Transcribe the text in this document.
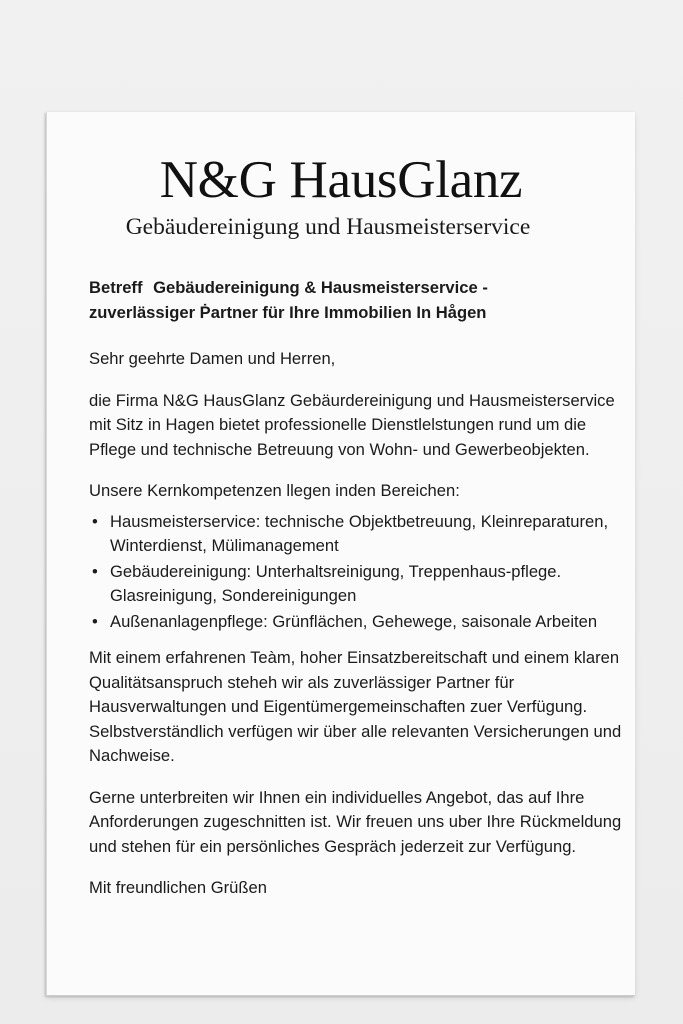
N&G HausGlanz
Gebäudereinigung und Hausmeisterservice
Betreff Gebäudereinigung & Hausmeisterservice -
zuverlässiger Ṗartner für Ihre Immobilien In Hågen

Sehr geehrte Damen und Herren,

die Firma N&G HausGlanz Gebäurdereinigung und Hausmeisterservice mit Sitz in Hagen bietet professionelle Dienstlelstungen rund um die Pflege und technische Betreuung von Wohn- und Gewerbeobjekten.

Unsere Kernkompetenzen llegen inden Bereichen:

• Hausmeisterservice: technische Objektbetreuung, Kleinreparaturen, Winterdienst, Mülimanagement
• Gebäudereinigung: Unterhaltsreinigung, Treppenhaus-pflege. Glasreinigung, Sondereinigungen
• Außenanlagenpflege: Grünflächen, Gehewege, saisonale Arbeiten

Mit einem erfahrenen Teàm, hoher Einsatzbereitschaft und einem klaren Qualitätsanspruch steheh wir als zuverlässiger Partner für Hausverwaltungen und Eigentümergemeinschaften zuer Verfügung. Selbstverständlich verfügen wir über alle relevanten Versicherungen und Nachweise.

Gerne unterbreiten wir Ihnen ein individuelles Angebot, das auf Ihre Anforderungen zugeschnitten ist. Wir freuen uns uber Ihre Rückmeldung und stehen für ein persönliches Gespräch jederzeit zur Verfügung.

Mit freundlichen Grüßen
